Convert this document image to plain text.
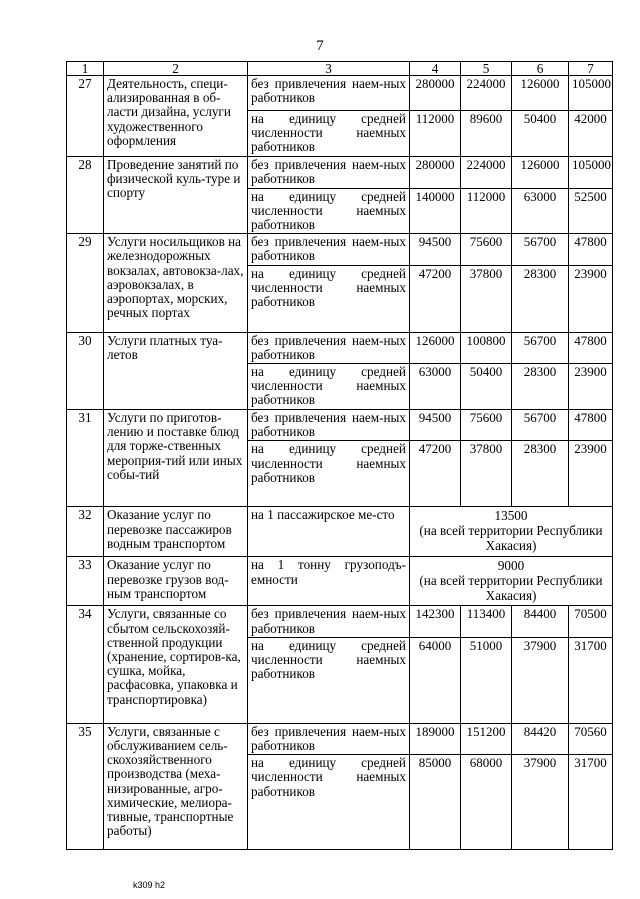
7
1	2	3	4	5	6	7
27	Деятельность, специ-ализированная в об-ласти дизайна, услуги художественного оформления	без привлечения наем-ных работников	280000	224000	126000	105000
		на единицу средней численности наемных работников	112000	89600	50400	42000
28	Проведение занятий по физической куль-туре и спорту	без привлечения наем-ных работников	280000	224000	126000	105000
		на единицу средней численности наемных работников	140000	112000	63000	52500
29	Услуги носильщиков на железнодорожных вокзалах, автовокза-лах, аэровокзалах, в аэропортах, морских, речных портах	без привлечения наем-ных работников	94500	75600	56700	47800
		на единицу средней численности наемных работников	47200	37800	28300	23900
30	Услуги платных туа-летов	без привлечения наем-ных работников	126000	100800	56700	47800
		на единицу средней численности наемных работников	63000	50400	28300	23900
31	Услуги по приготов-лению и поставке блюд для торже-ственных мероприя-тий или иных собы-тий	без привлечения наем-ных работников	94500	75600	56700	47800
		на единицу средней численности наемных работников	47200	37800	28300	23900
32	Оказание услуг по перевозке пассажиров водным транспортом	на 1 пассажирское ме-сто	13500
(на всей территории Республики Хакасия)			

33	Оказание услуг по перевозке грузов вод-ным транспортом	на 1 тонну грузоподъ-емности	9000
(на всей территории Республики Хакасия)			

34	Услуги, связанные со сбытом сельскохозяй-ственной продукции (хранение, сортиров-ка, сушка, мойка, расфасовка, упаковка и транспортировка)	без привлечения наем-ных работников	142300	113400	84400	70500
		на единицу средней численности наемных работников	64000	51000	37900	31700
35	Услуги, связанные с обслуживанием сель-скохозяйственного производства (меха-низированные, агро-химические, мелиора-тивные, транспортные работы)	без привлечения наем-ных работников	189000	151200	84420	70560
		на единицу средней численности наемных работников	85000	68000	37900	31700
k309 h2
